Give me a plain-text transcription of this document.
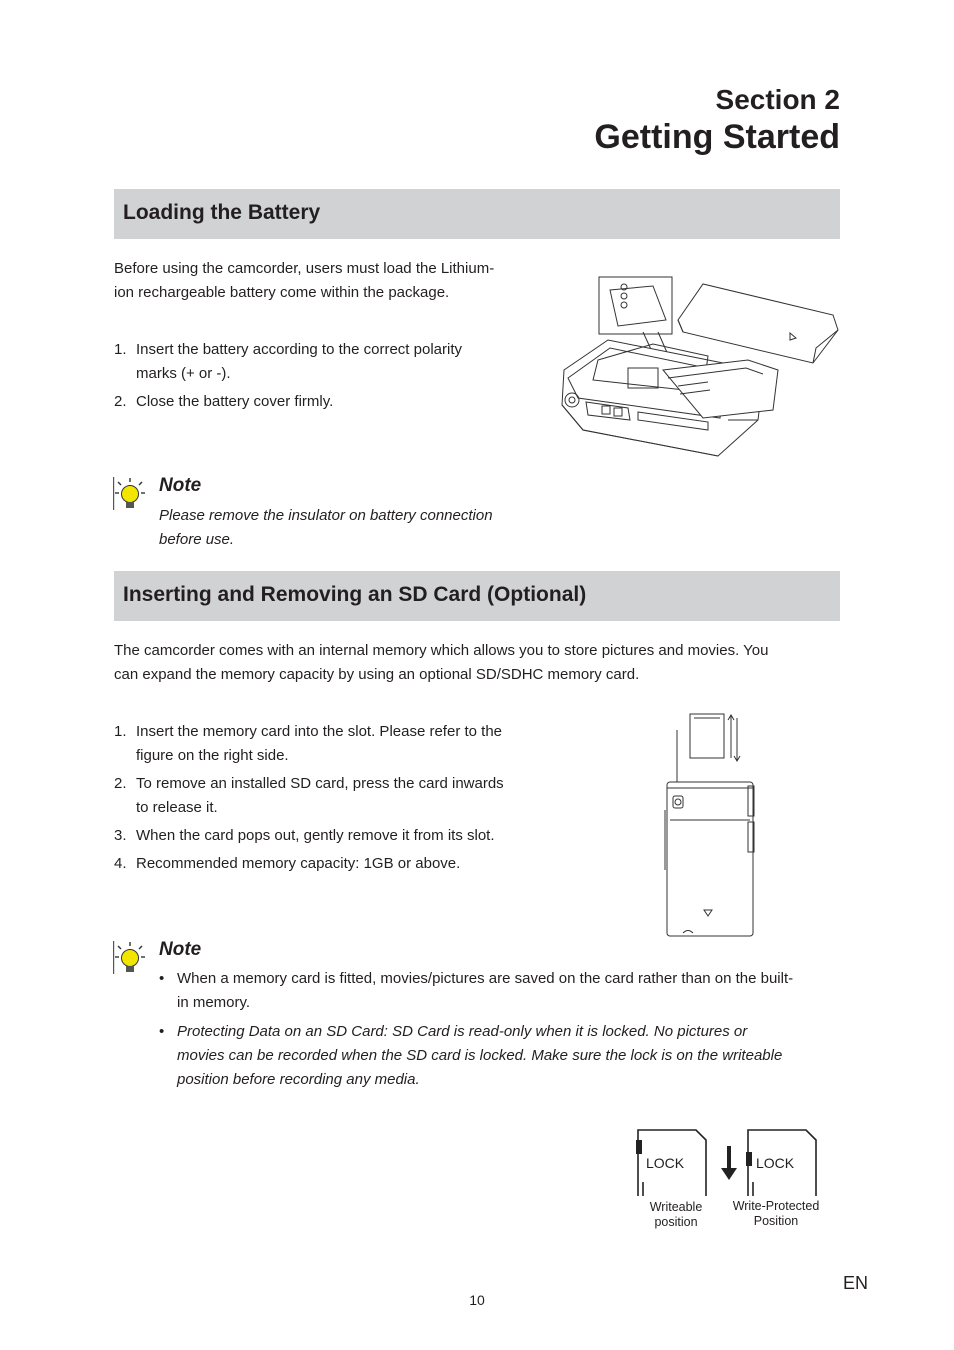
Section 2
Getting Started
Loading the Battery
Before using the camcorder, users must load the Lithium-
ion rechargeable battery come within the package.
1. Insert the battery according to the correct polarity
marks (+ or -).
2. Close the battery cover firmly.
Note
Please remove the insulator on battery connection
before use.
Inserting and Removing an SD Card (Optional)
The camcorder comes with an internal memory which allows you to store pictures and movies. You
can expand the memory capacity by using an optional SD/SDHC memory card.
1. Insert the memory card into the slot. Please refer to the
figure on the right side.
2. To remove an installed SD card, press the card inwards
to release it.
3. When the card pops out, gently remove it from its slot.
4. Recommended memory capacity: 1GB or above.
Note
• When a memory card is fitted, movies/pictures are saved on the card rather than on the built-
in memory.
• Protecting Data on an SD Card: SD Card is read-only when it is locked. No pictures or
movies can be recorded when the SD card is locked. Make sure the lock is on the writeable
position before recording any media.
LOCK	LOCK
Writeable
position
Write-Protected
Position
EN
10
